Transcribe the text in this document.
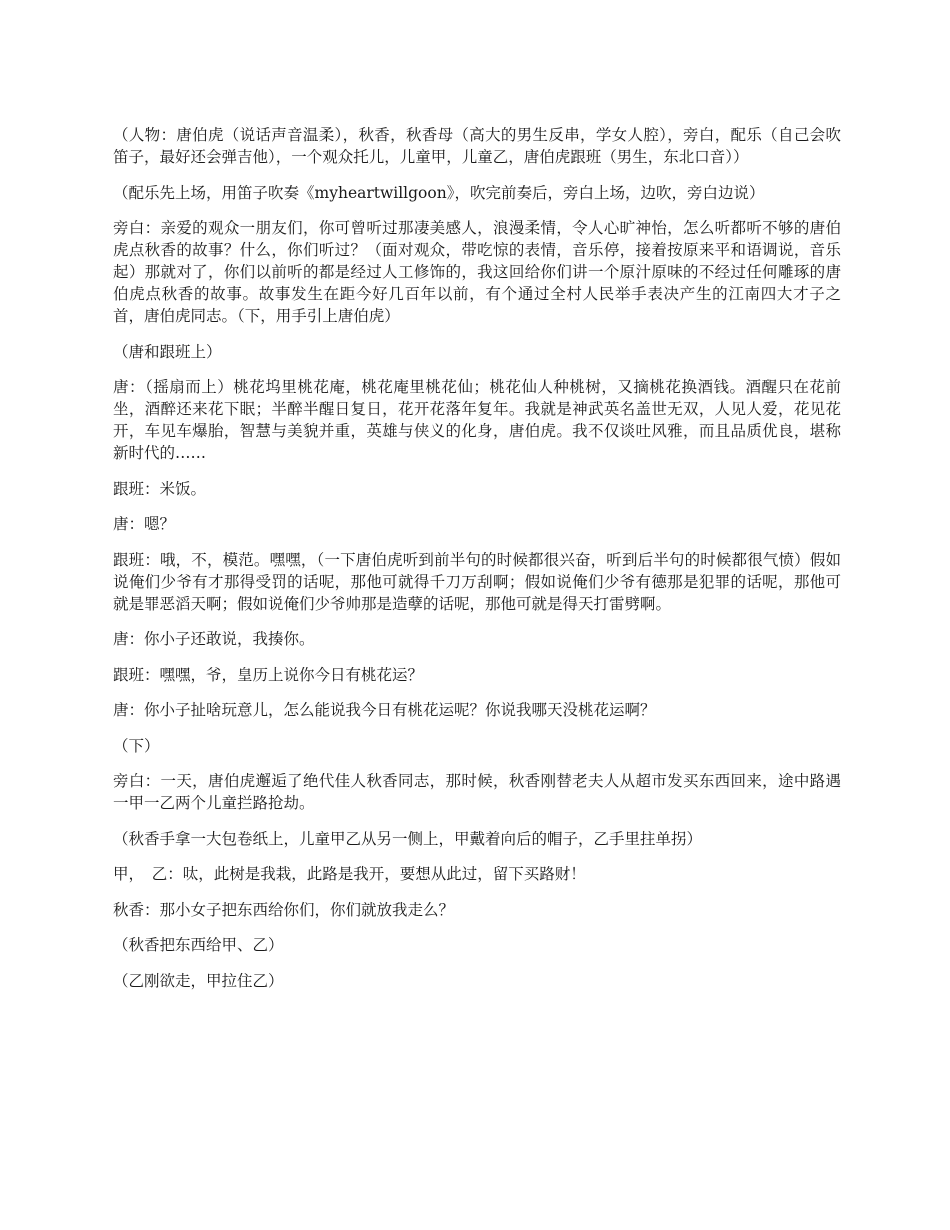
（人物：唐伯虎（说话声音温柔），秋香，秋香母（高大的男生反串，学女人腔），旁白，配乐（自己会吹笛子，最好还会弹吉他），一个观众托儿，儿童甲，儿童乙，唐伯虎跟班（男生，东北口音））

（配乐先上场，用笛子吹奏《myheartwillgoon》，吹完前奏后，旁白上场，边吹，旁白边说）

旁白：亲爱的观众一朋友们，你可曾听过那凄美感人，浪漫柔情，令人心旷神怡，怎么听都听不够的唐伯虎点秋香的故事？什么，你们听过？（面对观众，带吃惊的表情，音乐停，接着按原来平和语调说，音乐起）那就对了，你们以前听的都是经过人工修饰的，我这回给你们讲一个原汁原味的不经过任何雕琢的唐伯虎点秋香的故事。故事发生在距今好几百年以前，有个通过全村人民举手表决产生的江南四大才子之首，唐伯虎同志。（下，用手引上唐伯虎）

（唐和跟班上）

唐：（摇扇而上）桃花坞里桃花庵，桃花庵里桃花仙；桃花仙人种桃树，又摘桃花换酒钱。酒醒只在花前坐，酒醉还来花下眠；半醉半醒日复日，花开花落年复年。我就是神武英名盖世无双，人见人爱，花见花开，车见车爆胎，智慧与美貌并重，英雄与侠义的化身，唐伯虎。我不仅谈吐风雅，而且品质优良，堪称新时代的……

跟班：米饭。

唐：嗯？

跟班：哦，不，模范。嘿嘿，（一下唐伯虎听到前半句的时候都很兴奋，听到后半句的时候都很气愤）假如说俺们少爷有才那得受罚的话呢，那他可就得千刀万刮啊；假如说俺们少爷有德那是犯罪的话呢，那他可就是罪恶滔天啊；假如说俺们少爷帅那是造孽的话呢，那他可就是得天打雷劈啊。

唐：你小子还敢说，我揍你。

跟班：嘿嘿，爷，皇历上说你今日有桃花运？

唐：你小子扯啥玩意儿，怎么能说我今日有桃花运呢？你说我哪天没桃花运啊？

（下）

旁白：一天，唐伯虎邂逅了绝代佳人秋香同志，那时候，秋香刚替老夫人从超市发买东西回来，途中路遇一甲一乙两个儿童拦路抢劫。

（秋香手拿一大包卷纸上，儿童甲乙从另一侧上，甲戴着向后的帽子，乙手里拄单拐）

甲，　乙：呔，此树是我栽，此路是我开，要想从此过，留下买路财！

秋香：那小女子把东西给你们，你们就放我走么？

（秋香把东西给甲、乙）

（乙刚欲走，甲拉住乙）
